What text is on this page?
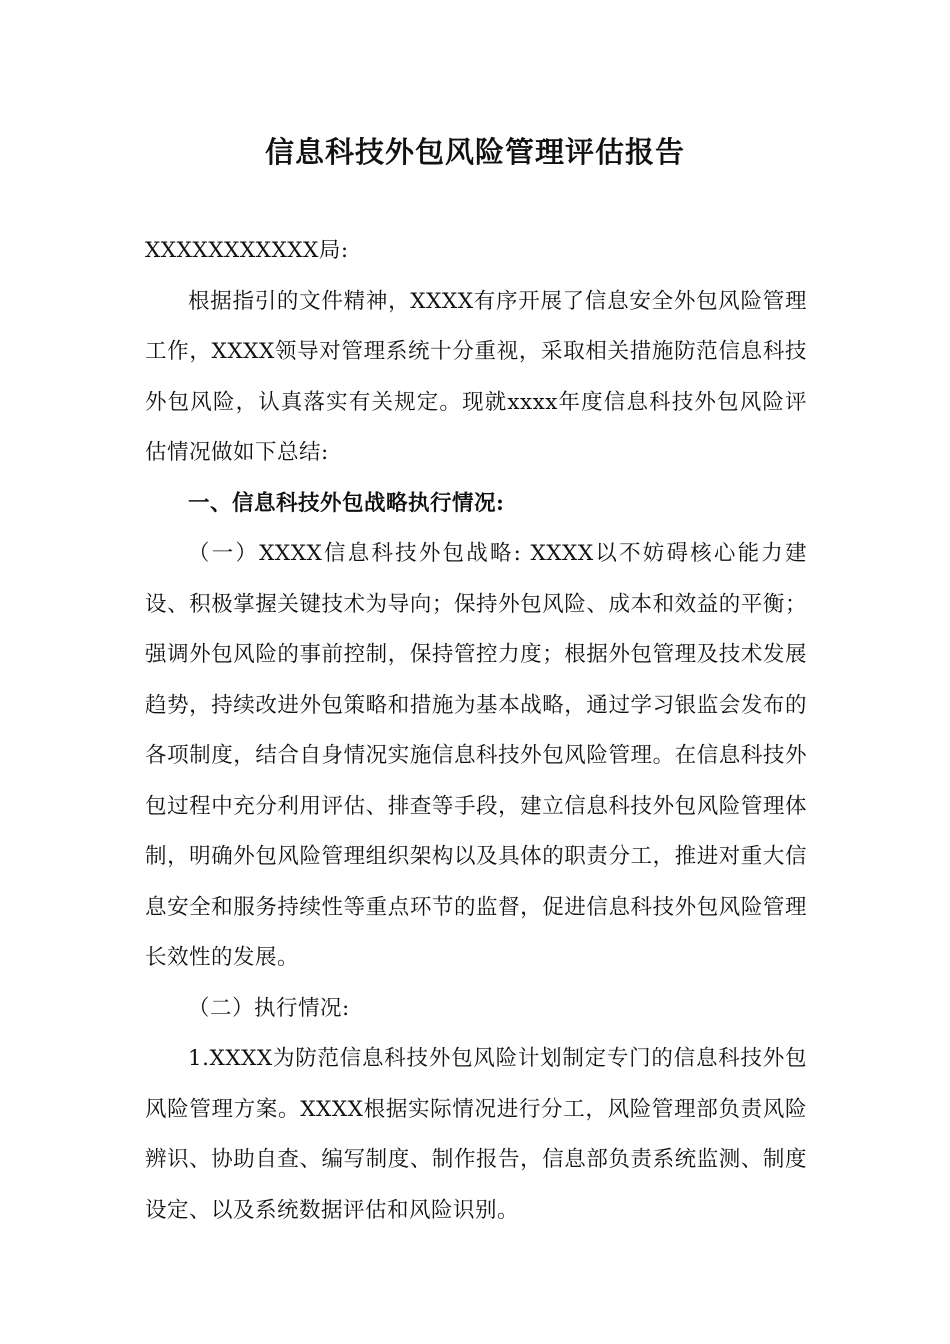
信息科技外包风险管理评估报告

XXXXXXXXXXX局:

根据指引的文件精神，XXXX有序开展了信息安全外包风险管理工作，XXXX领导对管理系统十分重视，采取相关措施防范信息科技外包风险，认真落实有关规定。现就xxxx年度信息科技外包风险评估情况做如下总结:

一、信息科技外包战略执行情况:

（一）XXXX信息科技外包战略: XXXX以不妨碍核心能力建设、积极掌握关键技术为导向；保持外包风险、成本和效益的平衡；强调外包风险的事前控制，保持管控力度；根据外包管理及技术发展趋势，持续改进外包策略和措施为基本战略，通过学习银监会发布的各项制度，结合自身情况实施信息科技外包风险管理。在信息科技外包过程中充分利用评估、排查等手段，建立信息科技外包风险管理体制，明确外包风险管理组织架构以及具体的职责分工，推进对重大信息安全和服务持续性等重点环节的监督，促进信息科技外包风险管理长效性的发展。

（二）执行情况:

1.XXXX为防范信息科技外包风险计划制定专门的信息科技外包风险管理方案。XXXX根据实际情况进行分工，风险管理部负责风险辨识、协助自查、编写制度、制作报告，信息部负责系统监测、制度设定、以及系统数据评估和风险识别。
